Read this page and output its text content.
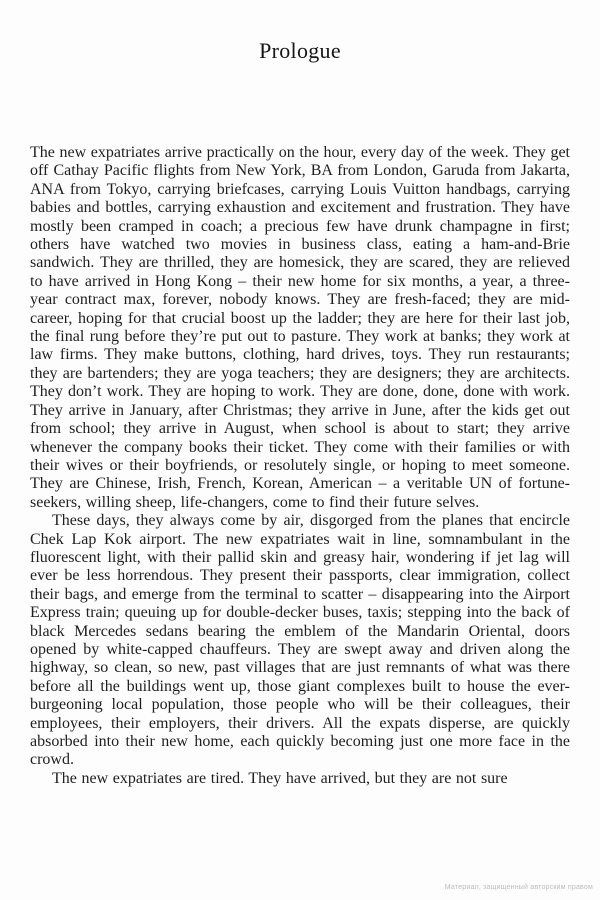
Prologue

The new expatriates arrive practically on the hour, every day of the week. They get off Cathay Pacific flights from New York, BA from London, Garuda from Jakarta, ANA from Tokyo, carrying briefcases, carrying Louis Vuitton handbags, carrying babies and bottles, carrying exhaustion and excitement and frustration. They have mostly been cramped in coach; a precious few have drunk champagne in first; others have watched two movies in business class, eating a ham-and-Brie sandwich. They are thrilled, they are homesick, they are scared, they are relieved to have arrived in Hong Kong – their new home for six months, a year, a three-year contract max, forever, nobody knows. They are fresh-faced; they are mid-career, hoping for that crucial boost up the ladder; they are here for their last job, the final rung before they’re put out to pasture. They work at banks; they work at law firms. They make buttons, clothing, hard drives, toys. They run restaurants; they are bartenders; they are yoga teachers; they are designers; they are architects. They don’t work. They are hoping to work. They are done, done, done with work. They arrive in January, after Christmas; they arrive in June, after the kids get out from school; they arrive in August, when school is about to start; they arrive whenever the company books their ticket. They come with their families or with their wives or their boyfriends, or resolutely single, or hoping to meet someone. They are Chinese, Irish, French, Korean, American – a veritable UN of fortune-seekers, willing sheep, life-changers, come to find their future selves.

These days, they always come by air, disgorged from the planes that encircle Chek Lap Kok airport. The new expatriates wait in line, somnambulant in the fluorescent light, with their pallid skin and greasy hair, wondering if jet lag will ever be less horrendous. They present their passports, clear immigration, collect their bags, and emerge from the terminal to scatter – disappearing into the Airport Express train; queuing up for double-decker buses, taxis; stepping into the back of black Mercedes sedans bearing the emblem of the Mandarin Oriental, doors opened by white-capped chauffeurs. They are swept away and driven along the highway, so clean, so new, past villages that are just remnants of what was there before all the buildings went up, those giant complexes built to house the ever-burgeoning local population, those people who will be their colleagues, their employees, their employers, their drivers. All the expats disperse, are quickly absorbed into their new home, each quickly becoming just one more face in the crowd.

The new expatriates are tired. They have arrived, but they are not sure

Материал, защищенный авторским правом
